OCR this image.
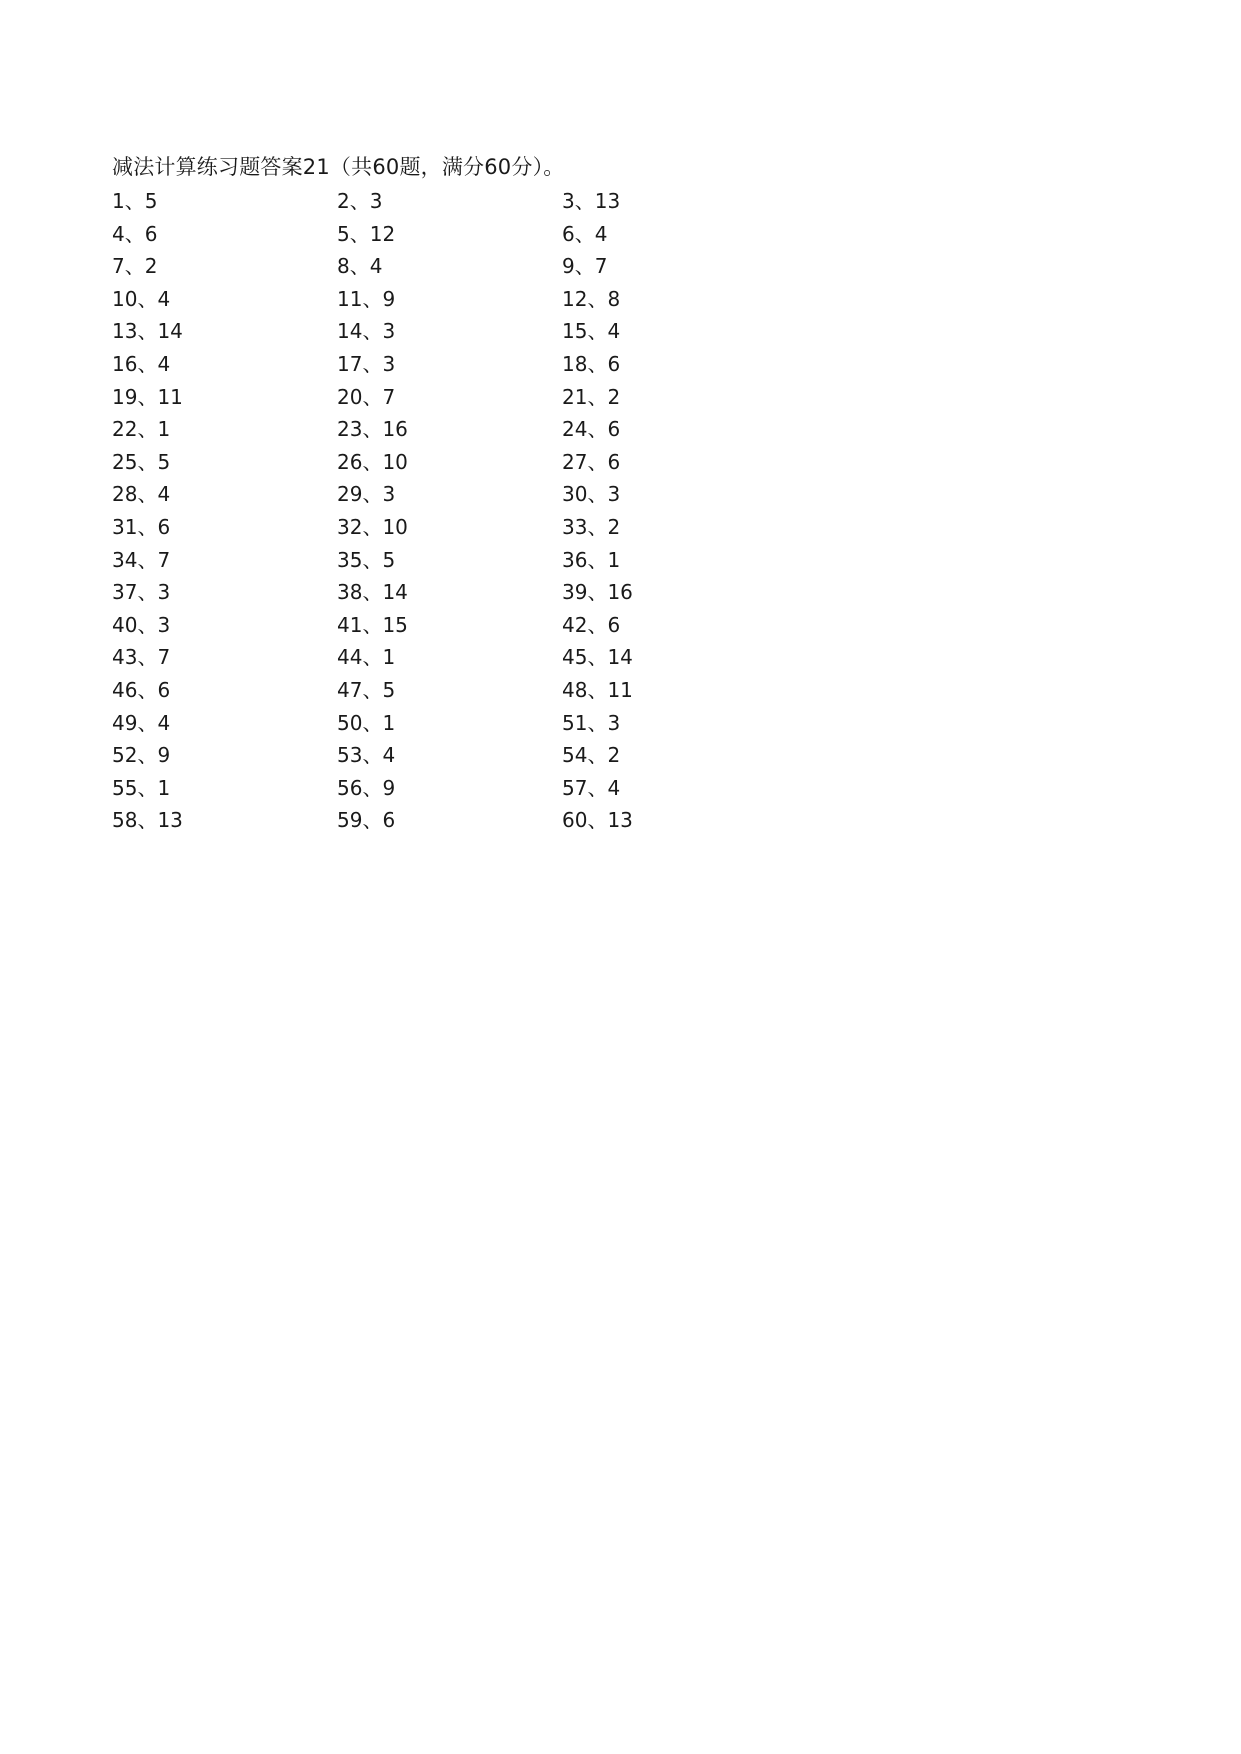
减法计算练习题答案21（共60题，满分60分）。
1、5	2、3	3、13
4、6	5、12	6、4
7、2	8、4	9、7
10、4	11、9	12、8
13、14	14、3	15、4
16、4	17、3	18、6
19、11	20、7	21、2
22、1	23、16	24、6
25、5	26、10	27、6
28、4	29、3	30、3
31、6	32、10	33、2
34、7	35、5	36、1
37、3	38、14	39、16
40、3	41、15	42、6
43、7	44、1	45、14
46、6	47、5	48、11
49、4	50、1	51、3
52、9	53、4	54、2
55、1	56、9	57、4
58、13	59、6	60、13
